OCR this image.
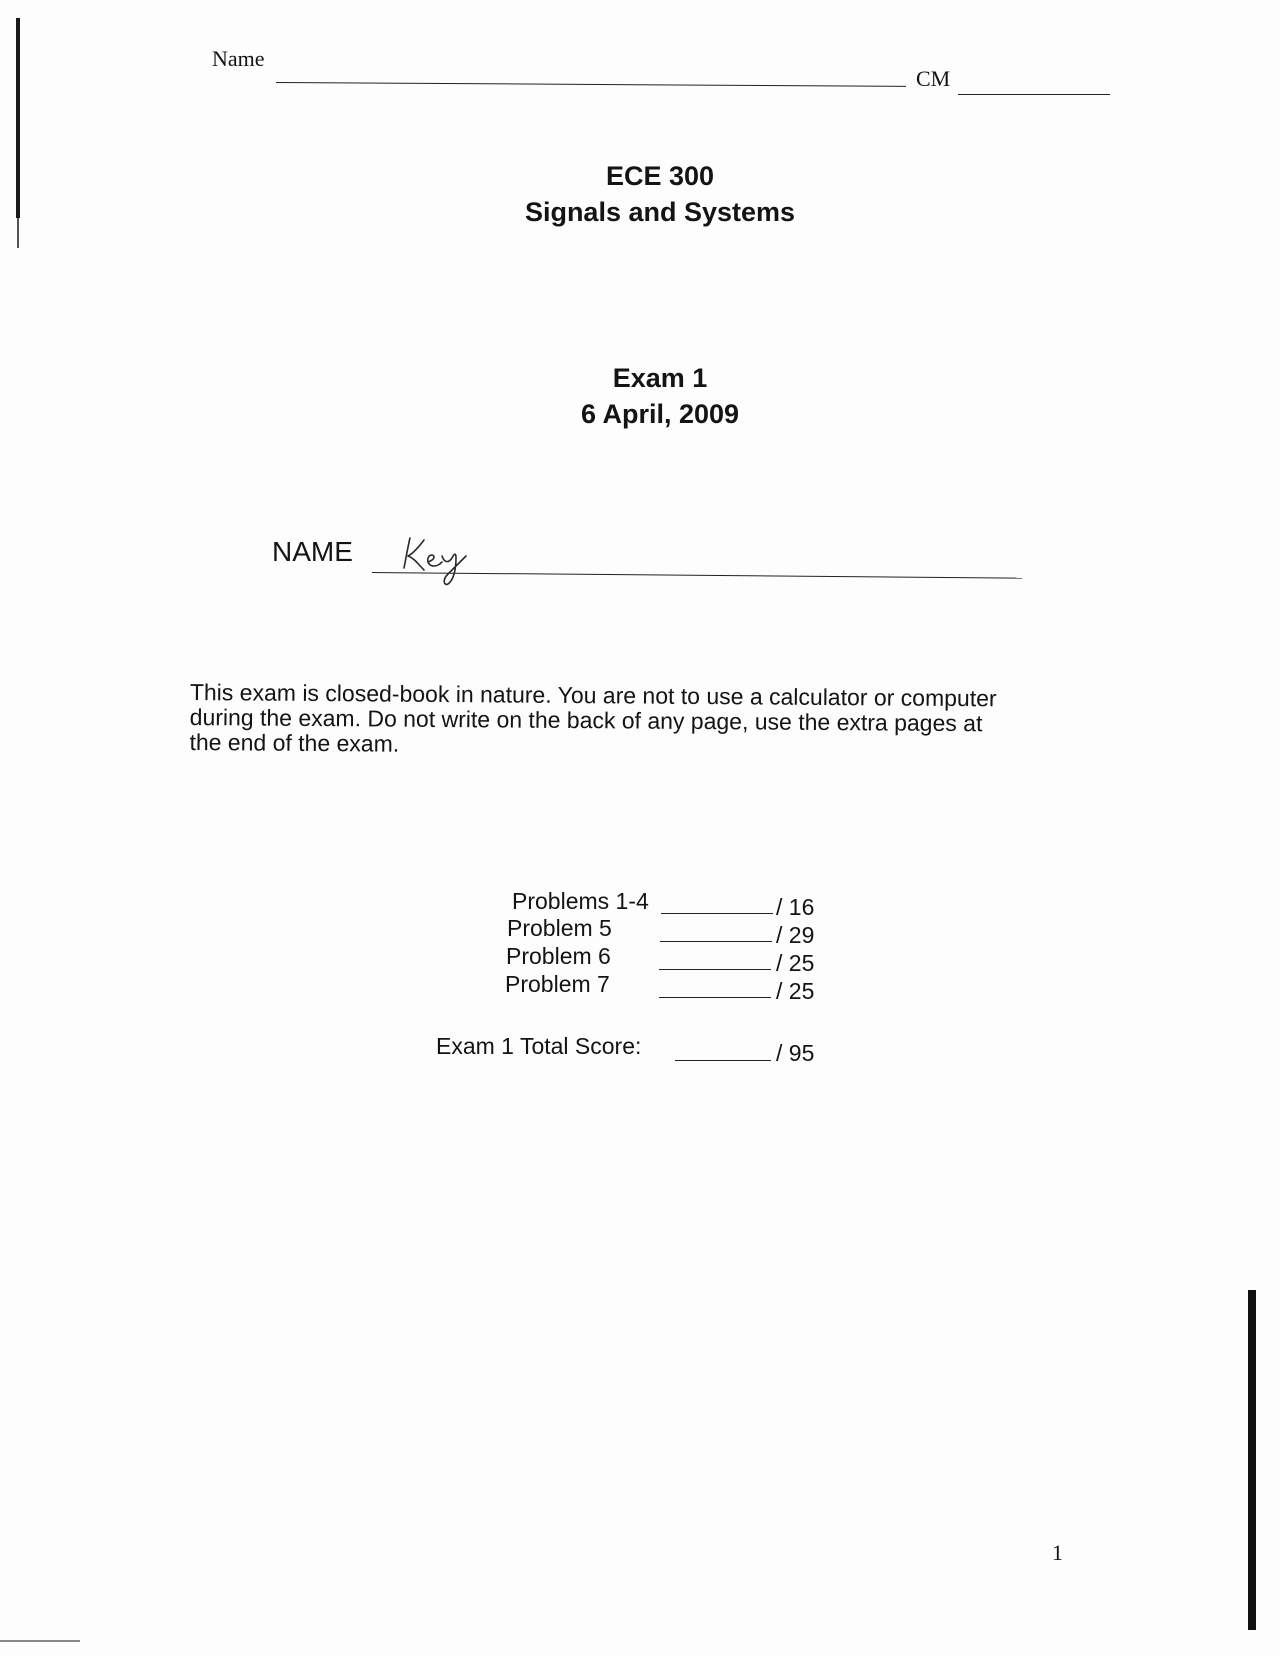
Name
CM
ECE 300
Signals and Systems
Exam 1
6 April, 2009
NAME

This exam is closed-book in nature. You are not to use a calculator or computer

during the exam. Do not write on the back of any page, use the extra pages at

the end of the exam.

Problems 1-4	/ 16
Problem 5	/ 29
Problem 6	/ 25
Problem 7	/ 25
Exam 1 Total Score:	/ 95
1
